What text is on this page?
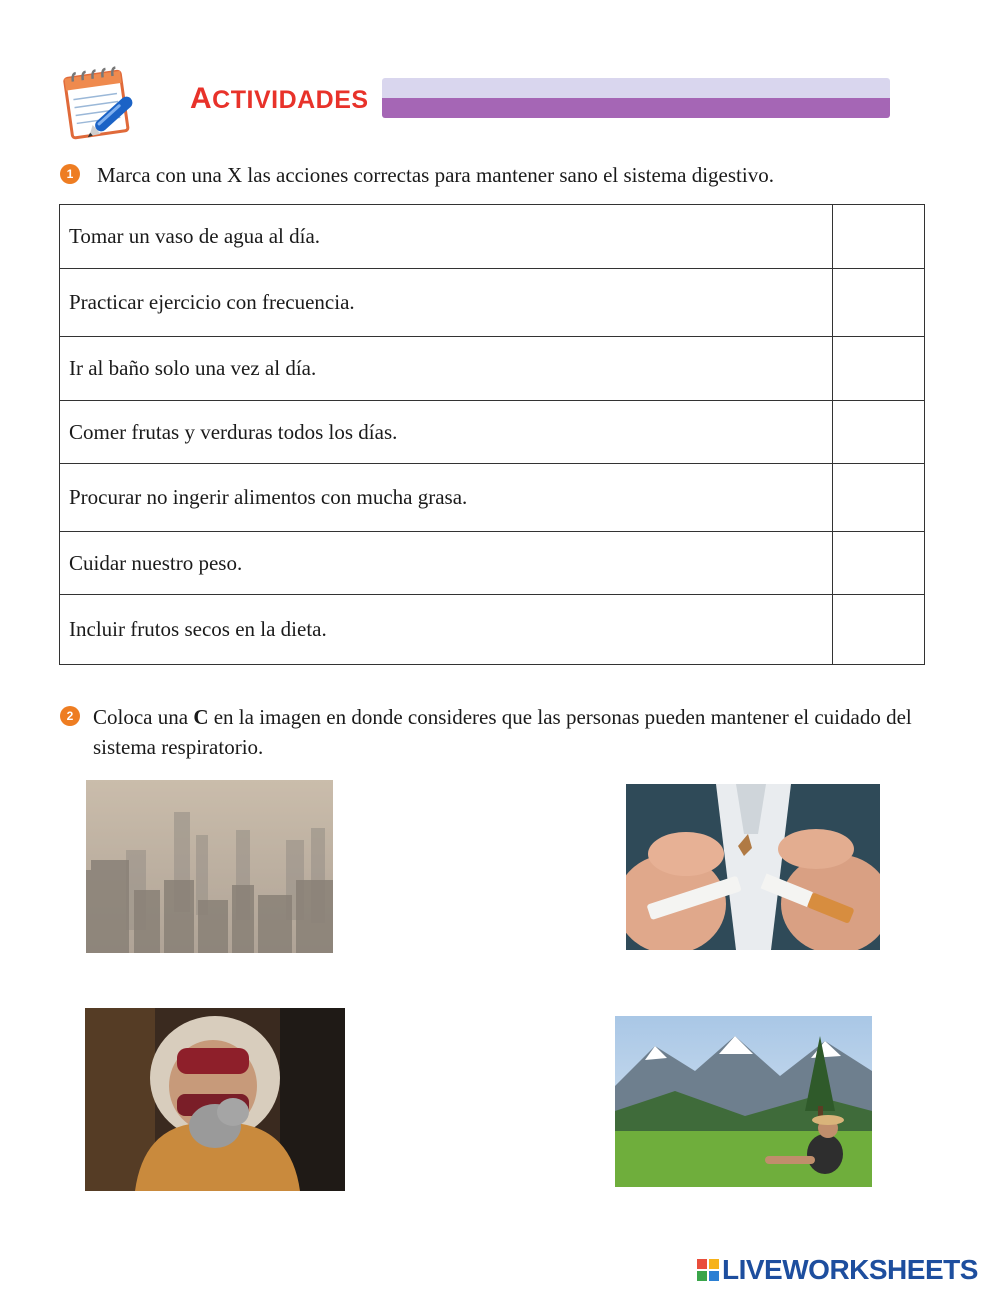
ACTIVIDADES
1	Marca con una X las acciones correctas para mantener sano el sistema digestivo.
Tomar un vaso de agua al día.	
Practicar ejercicio con frecuencia.	
Ir al baño solo una vez al día.	
Comer frutas y verduras todos los días.	
Procurar no ingerir alimentos con mucha grasa.	
Cuidar nuestro peso.	
Incluir frutos secos en la dieta.	
2 Coloca una C en la imagen en donde consideres que las personas pueden mantener el cuidado del sistema respiratorio.
LIVEWORKSHEETS
